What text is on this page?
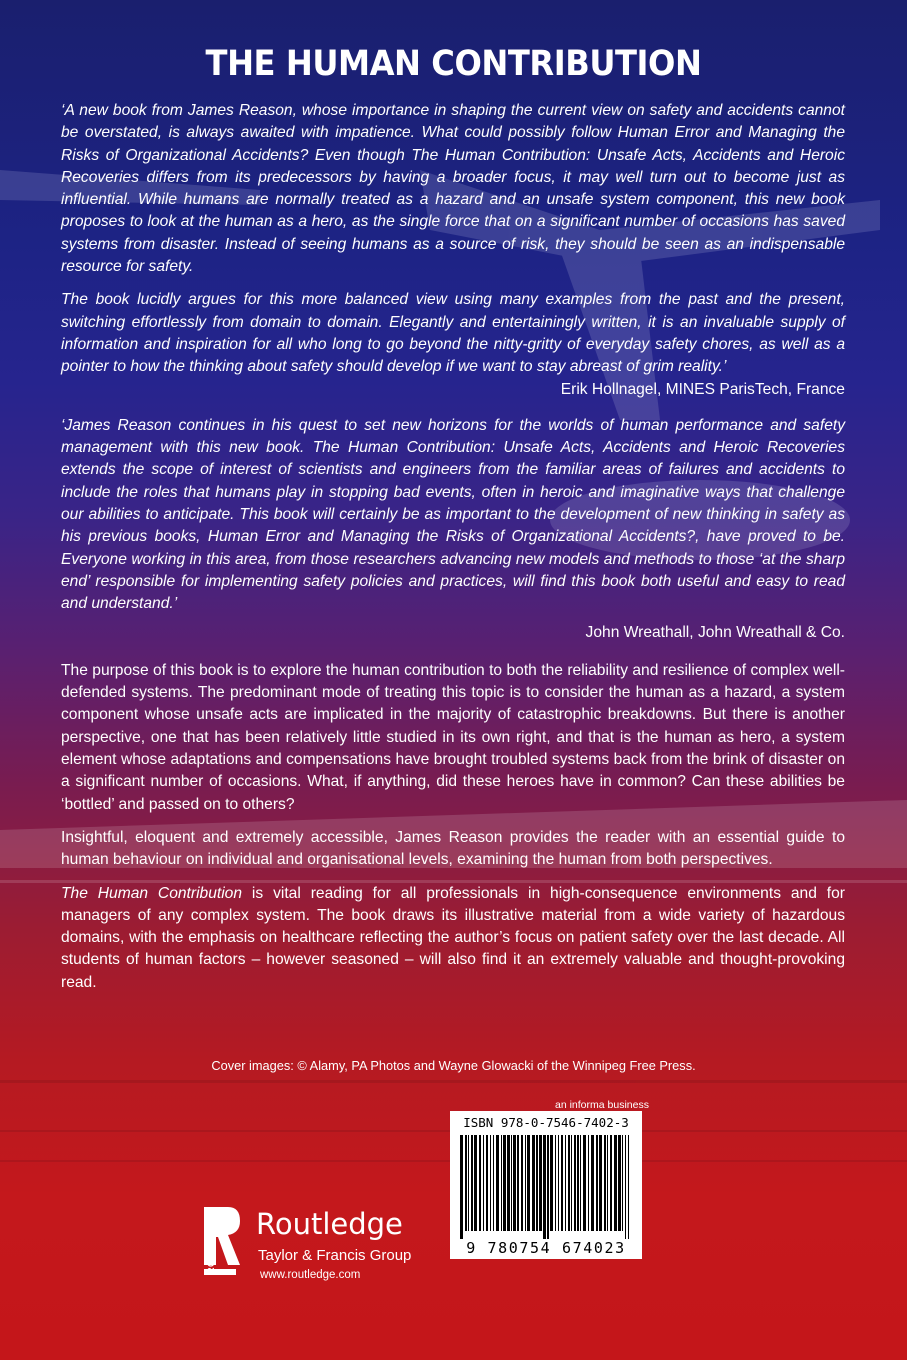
THE HUMAN CONTRIBUTION

‘A new book from James Reason, whose importance in shaping the current view on safety and accidents cannot be overstated, is always awaited with impatience. What could possibly follow Human Error and Managing the Risks of Organizational Accidents? Even though The Human Contribution: Unsafe Acts, Accidents and Heroic Recoveries differs from its predecessors by having a broader focus, it may well turn out to become just as influential. While humans are normally treated as a hazard and an unsafe system component, this new book proposes to look at the human as a hero, as the single force that on a significant number of occasions has saved systems from disaster. Instead of seeing humans as a source of risk, they should be seen as an indispensable resource for safety.

The book lucidly argues for this more balanced view using many examples from the past and the present, switching effortlessly from domain to domain. Elegantly and entertainingly written, it is an invaluable supply of information and inspiration for all who long to go beyond the nitty-gritty of everyday safety chores, as well as a pointer to how the thinking about safety should develop if we want to stay abreast of grim reality.’
Erik Hollnagel, MINES ParisTech, France

‘James Reason continues in his quest to set new horizons for the worlds of human performance and safety management with this new book. The Human Contribution: Unsafe Acts, Accidents and Heroic Recoveries extends the scope of interest of scientists and engineers from the familiar areas of failures and accidents to include the roles that humans play in stopping bad events, often in heroic and imaginative ways that challenge our abilities to anticipate. This book will certainly be as important to the development of new thinking in safety as his previous books, Human Error and Managing the Risks of Organizational Accidents?, have proved to be. Everyone working in this area, from those researchers advancing new models and methods to those ‘at the sharp end’ responsible for implementing safety policies and practices, will find this book both useful and easy to read and understand.’
John Wreathall, John Wreathall & Co.

The purpose of this book is to explore the human contribution to both the reliability and resilience of complex well-defended systems. The predominant mode of treating this topic is to consider the human as a hazard, a system component whose unsafe acts are implicated in the majority of catastrophic breakdowns. But there is another perspective, one that has been relatively little studied in its own right, and that is the human as hero, a system element whose adaptations and compensations have brought troubled systems back from the brink of disaster on a significant number of occasions. What, if anything, did these heroes have in common? Can these abilities be ‘bottled’ and passed on to others?

Insightful, eloquent and extremely accessible, James Reason provides the reader with an essential guide to human behaviour on individual and organisational levels, examining the human from both perspectives.

The Human Contribution is vital reading for all professionals in high-consequence environments and for managers of any complex system. The book draws its illustrative material from a wide variety of hazardous domains, with the emphasis on healthcare reflecting the author’s focus on patient safety over the last decade. All students of human factors – however seasoned – will also find it an extremely valuable and thought-provoking read.

Cover images: © Alamy, PA Photos and Wayne Glowacki of the Winnipeg Free Press.
an informa business
ROUTLEDGE Routledge
Taylor & Francis Group
www.routledge.com
ISBN 978-0-7546-7402-3
9 780754 674023
